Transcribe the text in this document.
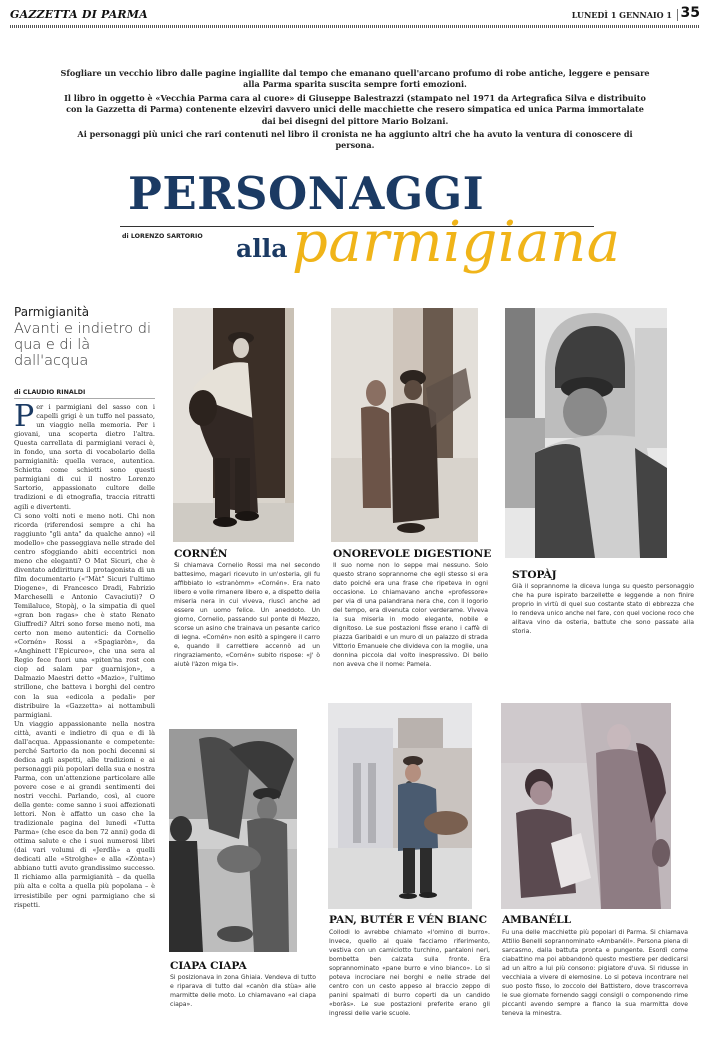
GAZZETTA DI PARMA	LUNEDÌ 1 GENNAIO 1 35

Sfogliare un vecchio libro dalle pagine ingiallite dal tempo che emanano quell'arcano profumo di robe antiche, leggere e pensare alla Parma sparita suscita sempre forti emozioni.

Il libro in oggetto è «Vecchia Parma cara al cuore» di Giuseppe Balestrazzi (stampato nel 1971 da Artegrafica Silva e distribuito con la Gazzetta di Parma) contenente elzeviri davvero unici delle macchiette che resero simpatica ed unica Parma immortalate dai bei disegni del pittore Mario Bolzani.

Ai personaggi più unici che rari contenuti nel libro il cronista ne ha aggiunto altri che ha avuto la ventura di conoscere di persona.

PERSONAGGI
di LORENZO SARTORIO alla parmigiana
Parmigianità
Avanti e indietro di qua e di là dall'acqua
di CLAUDIO RINALDI

Per i parmigiani del sasso con i capelli grigi è un tuffo nel passato, un viaggio nella memoria. Per i giovani, una scoperta dietro l'altra. Questa carrellata di parmigiani veraci è, in fondo, una sorta di vocabolario della parmigianità: quella verace, autentica. Schietta come schietti sono questi parmigiani di cui il nostro Lorenzo Sartorio, appassionato cultore delle tradizioni e di etnografia, traccia ritratti agili e divertenti.

Ci sono volti noti e meno noti. Chi non ricorda (riferendosi sempre a chi ha raggiunto "gli anta" da qualche anno) «il modello» che passeggiava nelle strade del centro sfoggiando abiti eccentrici non meno che eleganti? O Mat Sicuri, che è diventato addirittura il protagonista di un film documentario («"Màt" Sicuri l'ultimo Diogene», di Francesco Dradi, Fabrizio Marcheselli e Antonio Cavaciuti)? O Temilaluce, Stopàj, o la simpatia di quel «gran bon ragas» che è stato Renato Giuffredi? Altri sono forse meno noti, ma certo non meno autentici: da Cornelio «Cornén» Rossi a «Spagiaròn», da «Anghinett l'Epicureo», che una sera al Regio fece fuori una «piten'na rost con ciop ad salam par guarnisjon», a Dalmazio Maestri detto «Mazio», l'ultimo strillone, che batteva i borghi del centro con la sua «edicola a pedali» per distribuire la «Gazzetta» ai nottambuli parmigiani.

Un viaggio appassionante nella nostra città, avanti e indietro di qua e di là dall'acqua. Appassionante e competente: perché Sartorio da non pochi decenni si dedica agli aspetti, alle tradizioni e ai personaggi più popolari della sua e nostra Parma, con un'attenzione particolare alle povere cose e ai grandi sentimenti dei nostri vecchi. Parlando, così, al cuore della gente: come sanno i suoi affezionati lettori. Non è affatto un caso che la tradizionale pagina del lunedì «Tutta Parma» (che esce da ben 72 anni) goda di ottima salute e che i suoi numerosi libri (dai vari volumi di «Jerdlà» a quelli dedicati alle «Strolghe» e alla «Zònta») abbiano tutti avuto grandissimo successo. Il richiamo alla parmigianità – da quella più alta e colta a quella più popolana – è irresistibile per ogni parmigiano che si rispetti.

CORNÉN
Si chiamava Cornelio Rossi ma nel secondo battesimo, magari ricevuto in un'osteria, gli fu affibbiato lo «stranòmm» «Cornén». Era nato libero e volle rimanere libero e, a dispetto della miseria nera in cui viveva, riuscì anche ad essere un uomo felice. Un aneddoto. Un giorno, Cornelio, passando sul ponte di Mezzo, scorse un asino che trainava un pesante carico di legna. «Cornén» non esitò a spingere il carro e, quando il carrettiere accennò ad un ringraziamento, «Cornén» subito rispose: «J' ò aiutè l'àzon miga ti».
ONOREVOLE DIGESTIONE
Il suo nome non lo seppe mai nessuno. Solo questo strano soprannome che egli stesso si era dato poiché era una frase che ripeteva in ogni occasione. Lo chiamavano anche «professore» per via di una palandrana nera che, con il logorio del tempo, era divenuta color verderame. Viveva la sua miseria in modo elegante, nobile e dignitoso. Le sue postazioni fisse erano i caffè di piazza Garibaldi e un muro di un palazzo di strada Vittorio Emanuele che divideva con la moglie, una donnina piccola dal volto inespressivo. Di bello non aveva che il nome: Pamela.
STOPÀJ
Già il soprannome la diceva lunga su questo personaggio che ha pure ispirato barzellette e leggende a non finire proprio in virtù di quel suo costante stato di ebbrezza che lo rendeva unico anche nel fare, con quel vocione roco che alitava vino da osteria, battute che sono passate alla storia.
CIAPA CIAPA
Si posizionava in zona Ghiaia. Vendeva di tutto e riparava di tutto dal «canòn dla stùa» alle marmitte delle moto. Lo chiamavano «al ciapa ciapa».
PAN, BUTÉR E VÉN BIANC
Collodi lo avrebbe chiamato «l'omino di burro». Invece, quello al quale facciamo riferimento, vestiva con un camiciotto turchino, pantaloni neri, bombetta ben calzata sulla fronte. Era soprannominato «pane burro e vino bianco». Lo si poteva incrociare nei borghi e nelle strade del centro con un cesto appeso al braccio zeppo di panini spalmati di burro coperti da un candido «boràs». Le sue postazioni preferite erano gli ingressi delle varie scuole.
AMBANÉLL
Fu una delle macchiette più popolari di Parma. Si chiamava Attilio Benelli soprannominato «Ambanéll». Persona piena di sarcasmo, dalla battuta pronta e pungente. Esordì come ciabattino ma poi abbandonò questo mestiere per dedicarsi ad un altro a lui più consono: pigiatore d'uva. Si ridusse in vecchiaia a vivere di elemosine. Lo si poteva incontrare nel suo posto fisso, lo zoccolo del Battistero, dove trascorreva le sue giornate fornendo saggi consigli o componendo rime piccanti avendo sempre a fianco la sua marmitta dove teneva la minestra.
